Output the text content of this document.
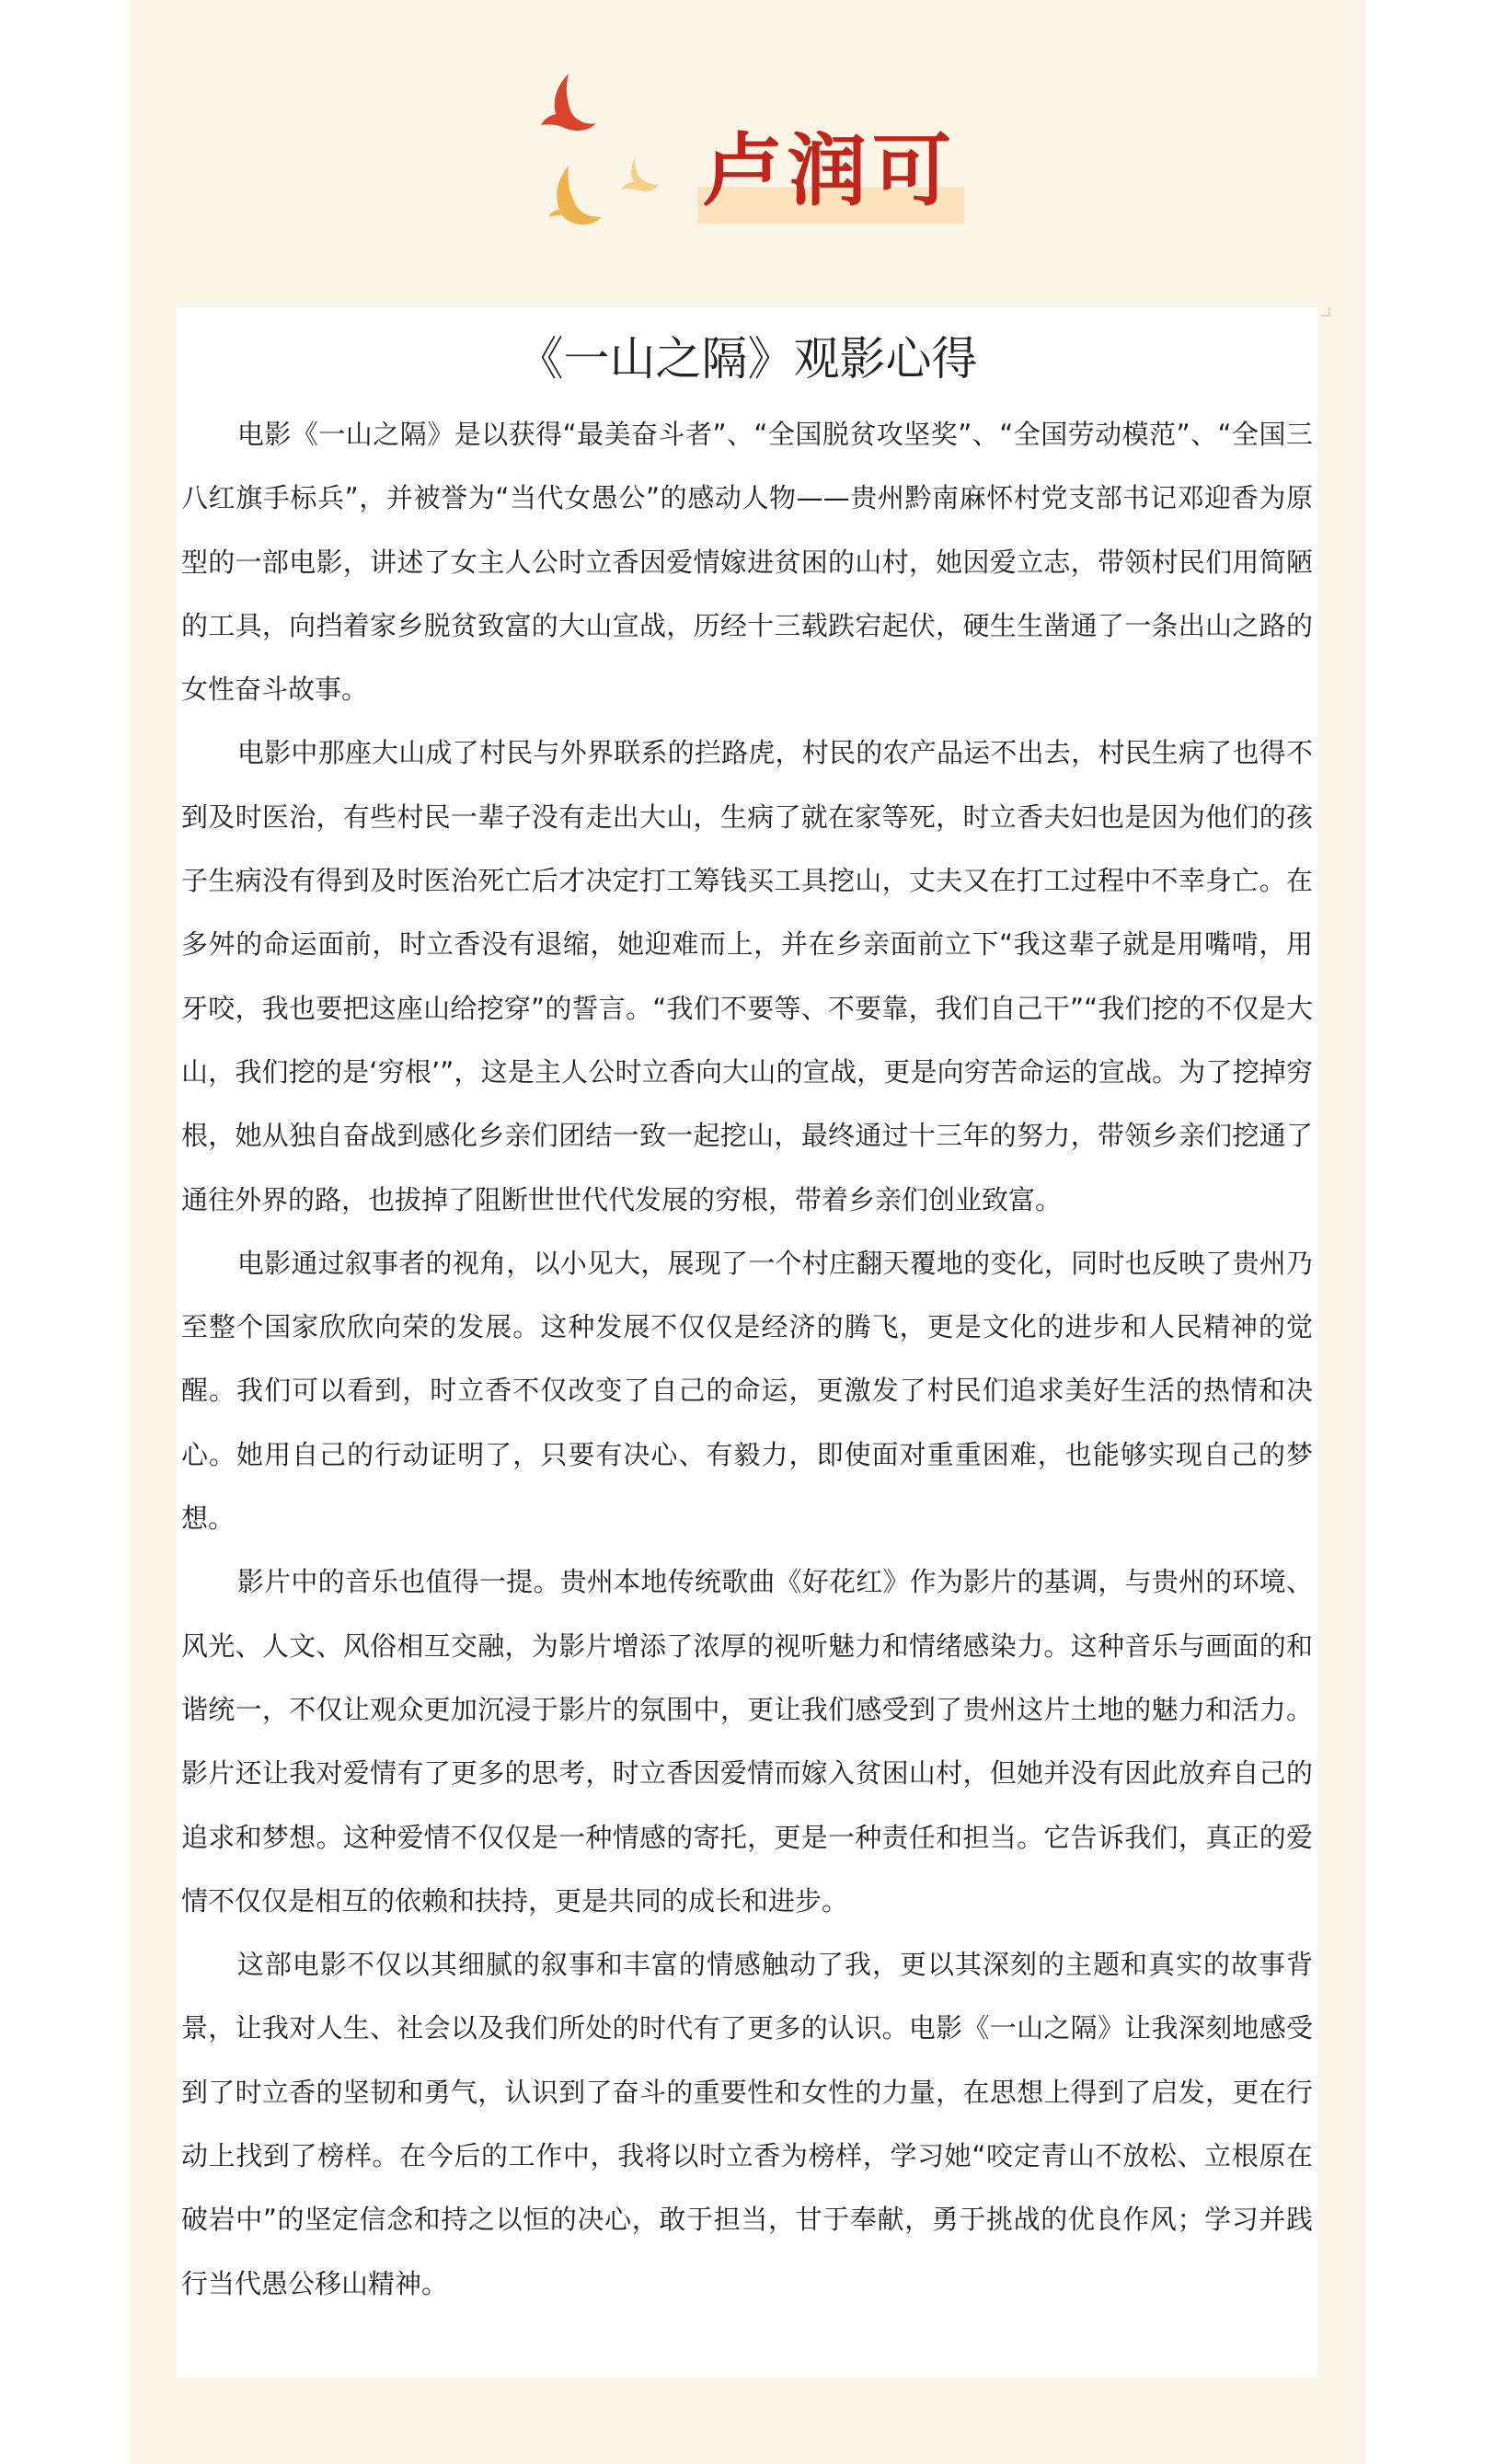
卢润可
《一山之隔》观影心得

电影《一山之隔》是以获得“最美奋斗者”、“全国脱贫攻坚奖”、“全国劳动模范”、“全国三八红旗手标兵”，并被誉为“当代女愚公”的感动人物——贵州黔南麻怀村党支部书记邓迎香为原型的一部电影，讲述了女主人公时立香因爱情嫁进贫困的山村，她因爱立志，带领村民们用简陋的工具，向挡着家乡脱贫致富的大山宣战，历经十三载跌宕起伏，硬生生凿通了一条出山之路的女性奋斗故事。

电影中那座大山成了村民与外界联系的拦路虎，村民的农产品运不出去，村民生病了也得不到及时医治，有些村民一辈子没有走出大山，生病了就在家等死，时立香夫妇也是因为他们的孩子生病没有得到及时医治死亡后才决定打工筹钱买工具挖山，丈夫又在打工过程中不幸身亡。在多舛的命运面前，时立香没有退缩，她迎难而上，并在乡亲面前立下“我这辈子就是用嘴啃，用牙咬，我也要把这座山给挖穿”的誓言。“我们不要等、不要靠，我们自己干”“我们挖的不仅是大山，我们挖的是‘穷根’”，这是主人公时立香向大山的宣战，更是向穷苦命运的宣战。为了挖掉穷根，她从独自奋战到感化乡亲们团结一致一起挖山，最终通过十三年的努力，带领乡亲们挖通了通往外界的路，也拔掉了阻断世世代代发展的穷根，带着乡亲们创业致富。

电影通过叙事者的视角，以小见大，展现了一个村庄翻天覆地的变化，同时也反映了贵州乃至整个国家欣欣向荣的发展。这种发展不仅仅是经济的腾飞，更是文化的进步和人民精神的觉醒。我们可以看到，时立香不仅改变了自己的命运，更激发了村民们追求美好生活的热情和决心。她用自己的行动证明了，只要有决心、有毅力，即使面对重重困难，也能够实现自己的梦想。

影片中的音乐也值得一提。贵州本地传统歌曲《好花红》作为影片的基调，与贵州的环境、风光、人文、风俗相互交融，为影片增添了浓厚的视听魅力和情绪感染力。这种音乐与画面的和谐统一，不仅让观众更加沉浸于影片的氛围中，更让我们感受到了贵州这片土地的魅力和活力。影片还让我对爱情有了更多的思考，时立香因爱情而嫁入贫困山村，但她并没有因此放弃自己的追求和梦想。这种爱情不仅仅是一种情感的寄托，更是一种责任和担当。它告诉我们，真正的爱情不仅仅是相互的依赖和扶持，更是共同的成长和进步。

这部电影不仅以其细腻的叙事和丰富的情感触动了我，更以其深刻的主题和真实的故事背景，让我对人生、社会以及我们所处的时代有了更多的认识。电影《一山之隔》让我深刻地感受到了时立香的坚韧和勇气，认识到了奋斗的重要性和女性的力量，在思想上得到了启发，更在行动上找到了榜样。在今后的工作中，我将以时立香为榜样，学习她“咬定青山不放松、立根原在破岩中”的坚定信念和持之以恒的决心，敢于担当，甘于奉献，勇于挑战的优良作风；学习并践行当代愚公移山精神。
